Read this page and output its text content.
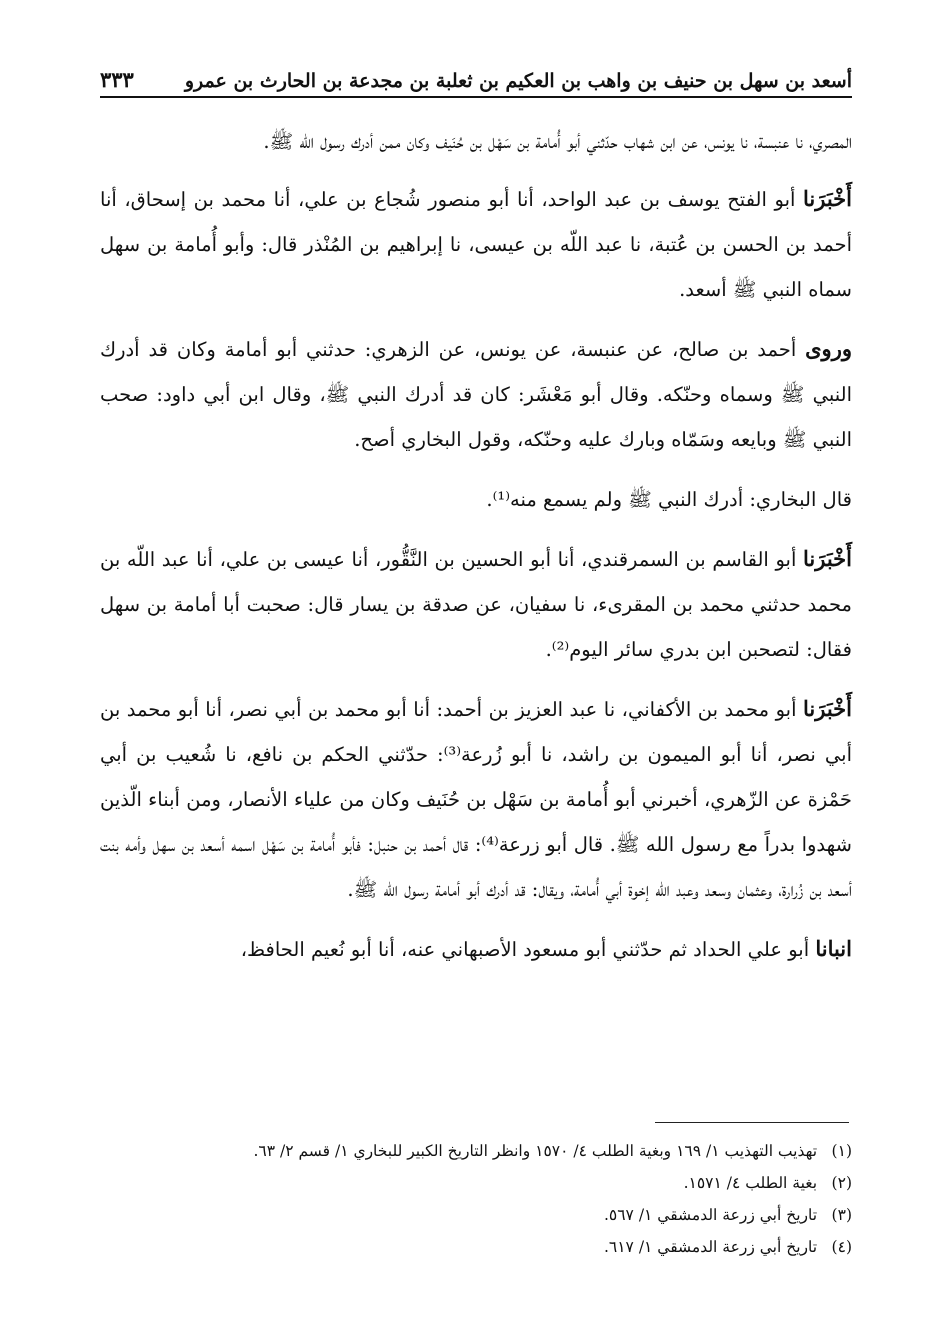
أسعد بن سهل بن حنيف بن واهب بن العكيم بن ثعلبة بن مجدعة بن الحارث بن عمرو
٣٣٣

المصري، نا عنبسة، نا يونس، عن ابن شهاب حدّثني أبو أُمامة بن سَهْل بن حُنَيف وكان ممن أدرك رسول الله ﷺ.

أَخْبَرَنا أبو الفتح يوسف بن عبد الواحد، أنا أبو منصور شُجاع بن علي، أنا محمد بن إسحاق، أنا أحمد بن الحسن بن عُتبة، نا عبد اللّه بن عيسى، نا إبراهيم بن المُنْذر قال: وأبو أُمامة بن سهل سماه النبي ﷺ أسعد.

وروى أحمد بن صالح، عن عنبسة، عن يونس، عن الزهري: حدثني أبو أمامة وكان قد أدرك النبي ﷺ وسماه وحنّكه. وقال أبو مَعْشَر: كان قد أدرك النبي ﷺ، وقال ابن أبي داود: صحب النبي ﷺ وبايعه وسَمّاه وبارك عليه وحنّكه، وقول البخاري أصح.

قال البخاري: أدرك النبي ﷺ ولم يسمع منه⁽¹⁾.

أَخْبَرَنا أبو القاسم بن السمرقندي، أنا أبو الحسين بن النَّقُّور، أنا عيسى بن علي، أنا عبد اللّه بن محمد حدثني محمد بن المقرىء، نا سفيان، عن صدقة بن يسار قال: صحبت أبا أمامة بن سهل فقال: لتصحبن ابن بدري سائر اليوم⁽²⁾.

أَخْبَرَنا أبو محمد بن الأكفاني، نا عبد العزيز بن أحمد: أنا أبو محمد بن أبي نصر، أنا أبو محمد بن أبي نصر، أنا أبو الميمون بن راشد، نا أبو زُرعة⁽³⁾: حدّثني الحكم بن نافع، نا شُعيب بن أبي حَمْزة عن الزّهري، أخبرني أبو أُمامة بن سَهْل بن حُنَيف وكان من علياء الأنصار، ومن أبناء الّذين شهدوا بدراً مع رسول الله ﷺ. قال أبو زرعة⁽⁴⁾: قال أحمد بن حنبل: فأبو أُمامة بن سَهْل اسمه أسعد بن سهل وأمه بنت أسعد بن زُرارة، وعثمان وسعد وعبد اللّه إخوة أبي أُمامة، ويقال: قد أدرك أبو أمامة رسول الله ﷺ.

انبانا أبو علي الحداد ثم حدّثني أبو مسعود الأصبهاني عنه، أنا أبو نُعيم الحافظ،

(١) تهذيب التهذيب ١/ ١٦٩ وبغية الطلب ٤/ ١٥٧٠ وانظر التاريخ الكبير للبخاري ١/ قسم ٢/ ٦٣.
(٢) بغية الطلب ٤/ ١٥٧١.
(٣) تاريخ أبي زرعة الدمشقي ١/ ٥٦٧.
(٤) تاريخ أبي زرعة الدمشقي ١/ ٦١٧.
